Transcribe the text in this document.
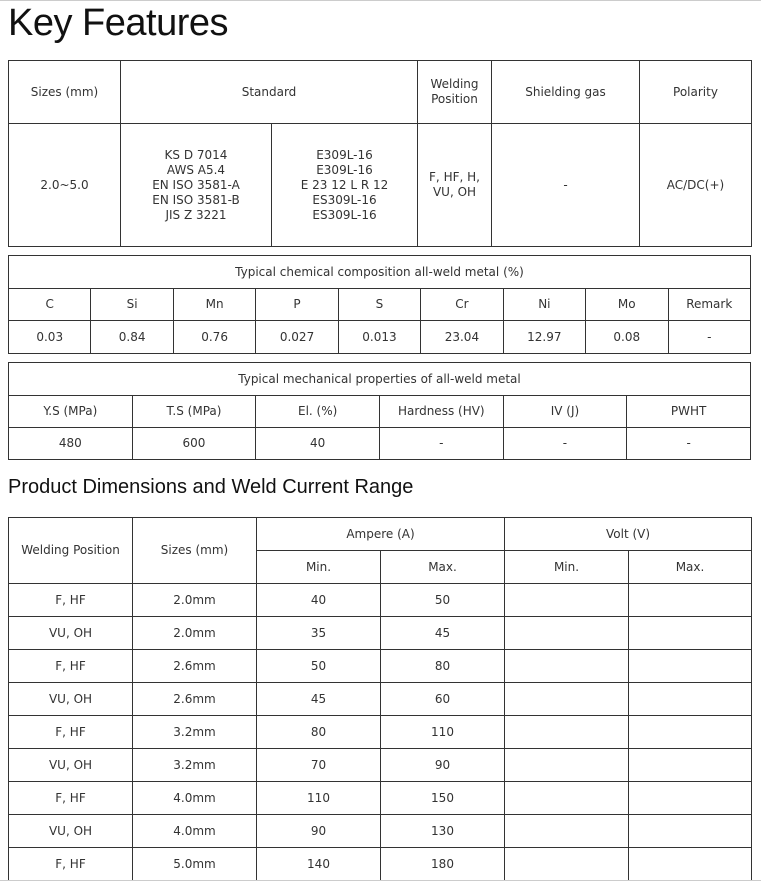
Key Features
Sizes (mm)	Standard		Welding Position	Shielding gas	Polarity
2.0~5.0	KS D 7014
AWS A5.4
EN ISO 3581-A
EN ISO 3581-B
JIS Z 3221	E309L-16
E309L-16
E 23 12 L R 12
ES309L-16
ES309L-16	F, HF, H, VU, OH	-	AC/DC(+)
Typical chemical composition all-weld metal (%)								
C	Si	Mn	P	S	Cr	Ni	Mo	Remark
0.03	0.84	0.76	0.027	0.013	23.04	12.97	0.08	-
Typical mechanical properties of all-weld metal					
Y.S (MPa)	T.S (MPa)	El. (%)	Hardness (HV)	IV (J)	PWHT
480	600	40	-	-	-
Product Dimensions and Weld Current Range
Welding Position	Sizes (mm)	Ampere (A)		Volt (V)	
		Min.	Max.	Min.	Max.
F, HF	2.0mm	40	50		
VU, OH	2.0mm	35	45		
F, HF	2.6mm	50	80		
VU, OH	2.6mm	45	60		
F, HF	3.2mm	80	110		
VU, OH	3.2mm	70	90		
F, HF	4.0mm	110	150		
VU, OH	4.0mm	90	130		
F, HF	5.0mm	140	180		
